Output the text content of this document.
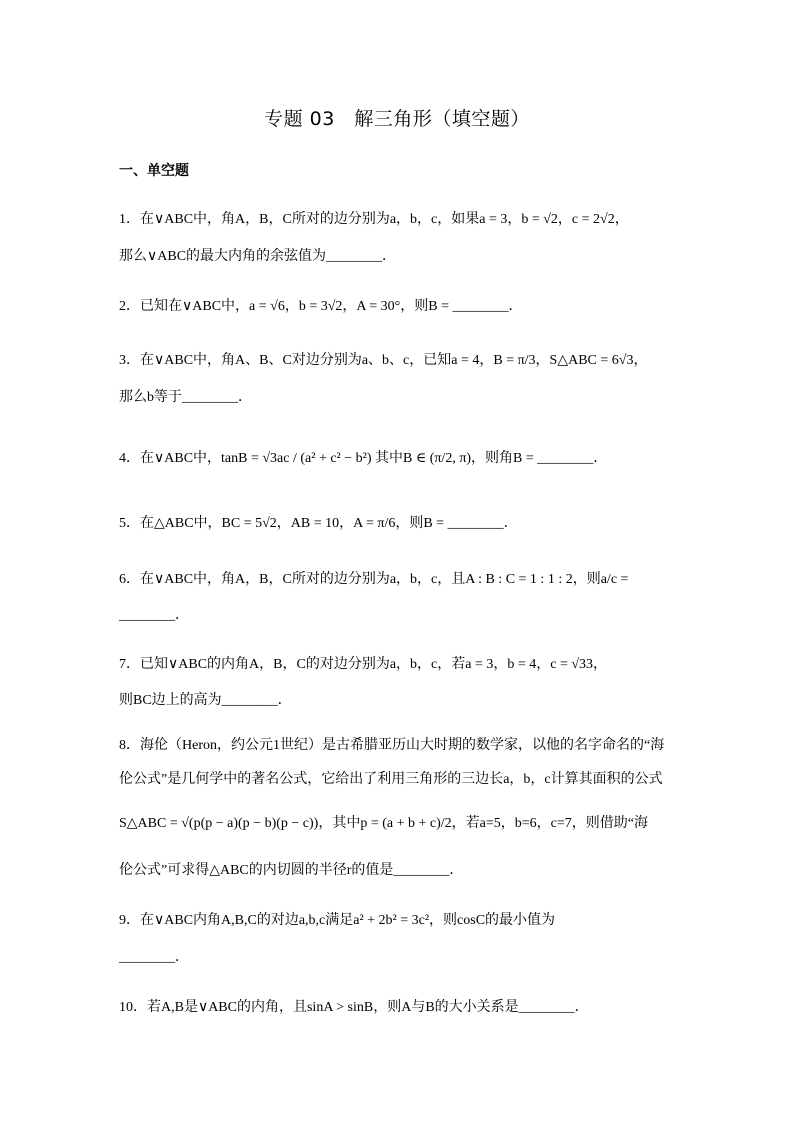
专题 03　解三角形（填空题）
一、单空题
1．在∨ABC中，角A，B，C所对的边分别为a，b，c，如果a = 3，b = √2，c = 2√2，
那么∨ABC的最大内角的余弦值为________．
2．已知在∨ABC中，a = √6，b = 3√2，A = 30°，则B = ________．
3．在∨ABC中，角A、B、C对边分别为a、b、c，已知a = 4，B = π/3，S△ABC = 6√3，
那么b等于________．
4．在∨ABC中，tanB = √3ac / (a² + c² − b²) 其中B ∈ (π/2, π)，则角B = ________．
5．在△ABC中，BC = 5√2，AB = 10，A = π/6，则B = ________．
6．在∨ABC中，角A，B，C所对的边分别为a，b，c，且A : B : C = 1 : 1 : 2，则a/c =
________．
7．已知∨ABC的内角A，B，C的对边分别为a，b，c，若a = 3，b = 4，c = √33，
则BC边上的高为________．
8．海伦（Heron，约公元1世纪）是古希腊亚历山大时期的数学家，以他的名字命名的“海
伦公式”是几何学中的著名公式，它给出了利用三角形的三边长a，b，c计算其面积的公式
S△ABC = √(p(p − a)(p − b)(p − c))，其中p = (a + b + c)/2，若a=5，b=6，c=7，则借助“海
伦公式”可求得△ABC的内切圆的半径r的值是________．
9．在∨ABC内角A,B,C的对边a,b,c满足a² + 2b² = 3c²，则cosC的最小值为
________．
10．若A,B是∨ABC的内角，且sinA > sinB，则A与B的大小关系是________．
